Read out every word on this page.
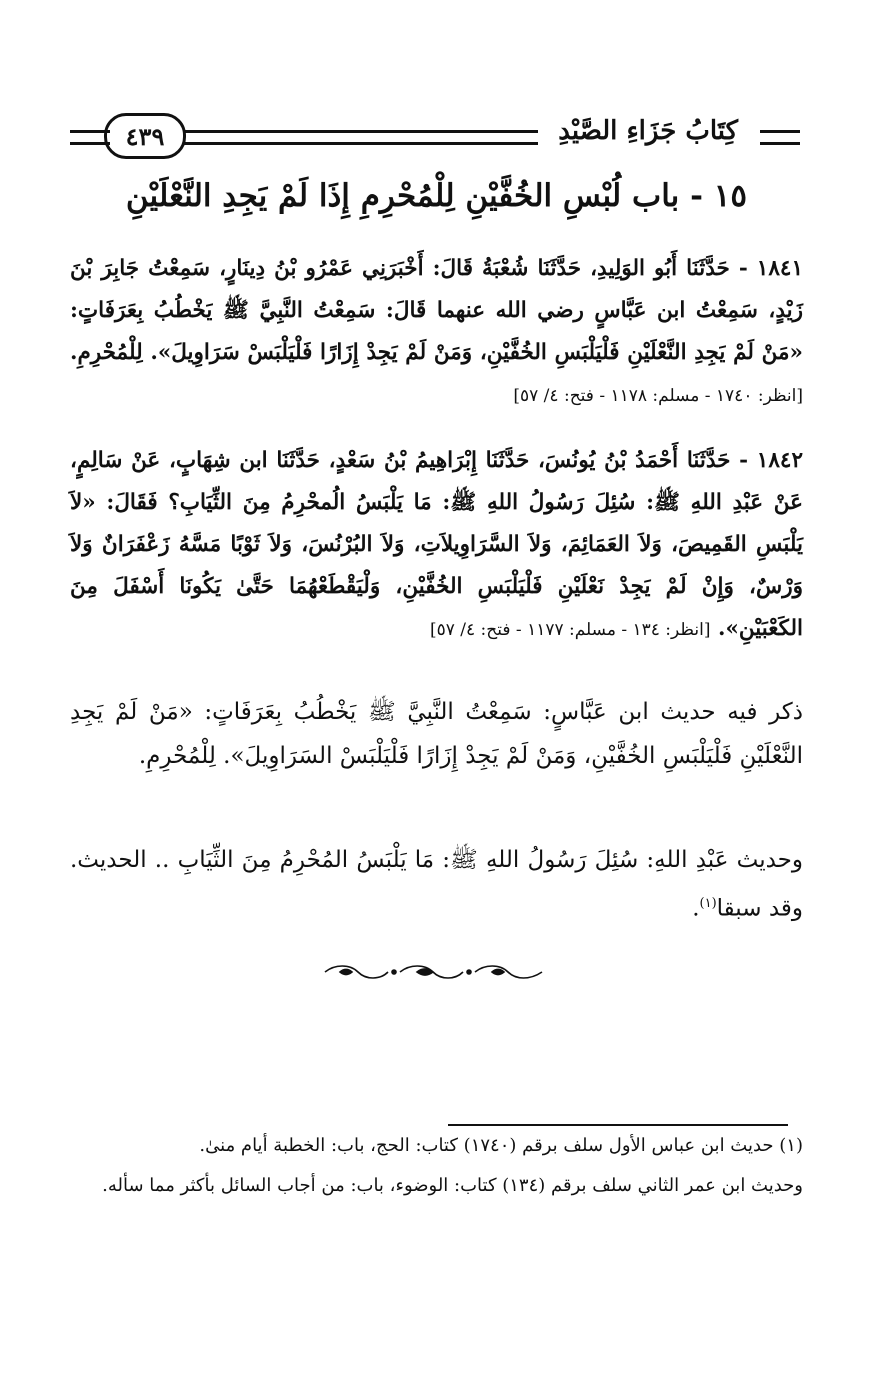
كِتَابُ جَزَاءِ الصَّيْدِ
٤٣٩
١٥ - باب لُبْسِ الخُفَّيْنِ لِلْمُحْرِمِ إِذَا لَمْ يَجِدِ النَّعْلَيْنِ
١٨٤١ - حَدَّثَنَا أَبُو الوَلِيدِ، حَدَّثَنَا شُعْبَةُ قَالَ: أَخْبَرَنِي عَمْرُو بْنُ دِينَارٍ، سَمِعْتُ جَابِرَ بْنَ زَيْدٍ، سَمِعْتُ ابن عَبَّاسٍ رضي الله عنهما قَالَ: سَمِعْتُ النَّبِيَّ ﷺ يَخْطُبُ بِعَرَفَاتٍ: «مَنْ لَمْ يَجِدِ النَّعْلَيْنِ فَلْيَلْبَسِ الخُفَّيْنِ، وَمَنْ لَمْ يَجِدْ إِزَارًا فَلْيَلْبَسْ سَرَاوِيلَ». لِلْمُحْرِمِ. [انظر: ١٧٤٠ - مسلم: ١١٧٨ - فتح: ٤/ ٥٧]
١٨٤٢ - حَدَّثَنَا أَحْمَدُ بْنُ يُونُسَ، حَدَّثَنَا إِبْرَاهِيمُ بْنُ سَعْدٍ، حَدَّثَنَا ابن شِهَابٍ، عَنْ سَالِمٍ، عَنْ عَبْدِ اللهِ ﷺ: سُئِلَ رَسُولُ اللهِ ﷺ: مَا يَلْبَسُ الُمحْرِمُ مِنَ الثِّيَابِ؟ فَقَالَ: «لاَ يَلْبَسِ القَمِيصَ، وَلاَ العَمَائِمَ، وَلاَ السَّرَاوِيلاَتِ، وَلاَ البُرْنُسَ، وَلاَ ثَوْبًا مَسَّهُ زَعْفَرَانٌ وَلاَ وَرْسٌ، وَإِنْ لَمْ يَجِدْ نَعْلَيْنِ فَلْيَلْبَسِ الخُفَّيْنِ، وَلْيَقْطَعْهُمَا حَتَّىٰ يَكُونَا أَسْفَلَ مِنَ الكَعْبَيْنِ». [انظر: ١٣٤ - مسلم: ١١٧٧ - فتح: ٤/ ٥٧]
ذكر فيه حديث ابن عَبَّاسٍ: سَمِعْتُ النَّبِيَّ ﷺ يَخْطُبُ بِعَرَفَاتٍ: «مَنْ لَمْ يَجِدِ النَّعْلَيْنِ فَلْيَلْبَسِ الخُفَّيْنِ، وَمَنْ لَمْ يَجِدْ إِزَارًا فَلْيَلْبَسْ السَرَاوِيلَ». لِلْمُحْرِمِ.
وحديث عَبْدِ اللهِ: سُئِلَ رَسُولُ اللهِ ﷺ: مَا يَلْبَسُ المُحْرِمُ مِنَ الثِّيَابِ .. الحديث. وقد سبقا$^{(١)}$.

(١) حديث ابن عباس الأول سلف برقم (١٧٤٠) كتاب: الحج، باب: الخطبة أيام منىٰ.

وحديث ابن عمر الثاني سلف برقم (١٣٤) كتاب: الوضوء، باب: من أجاب السائل بأكثر مما سأله.
